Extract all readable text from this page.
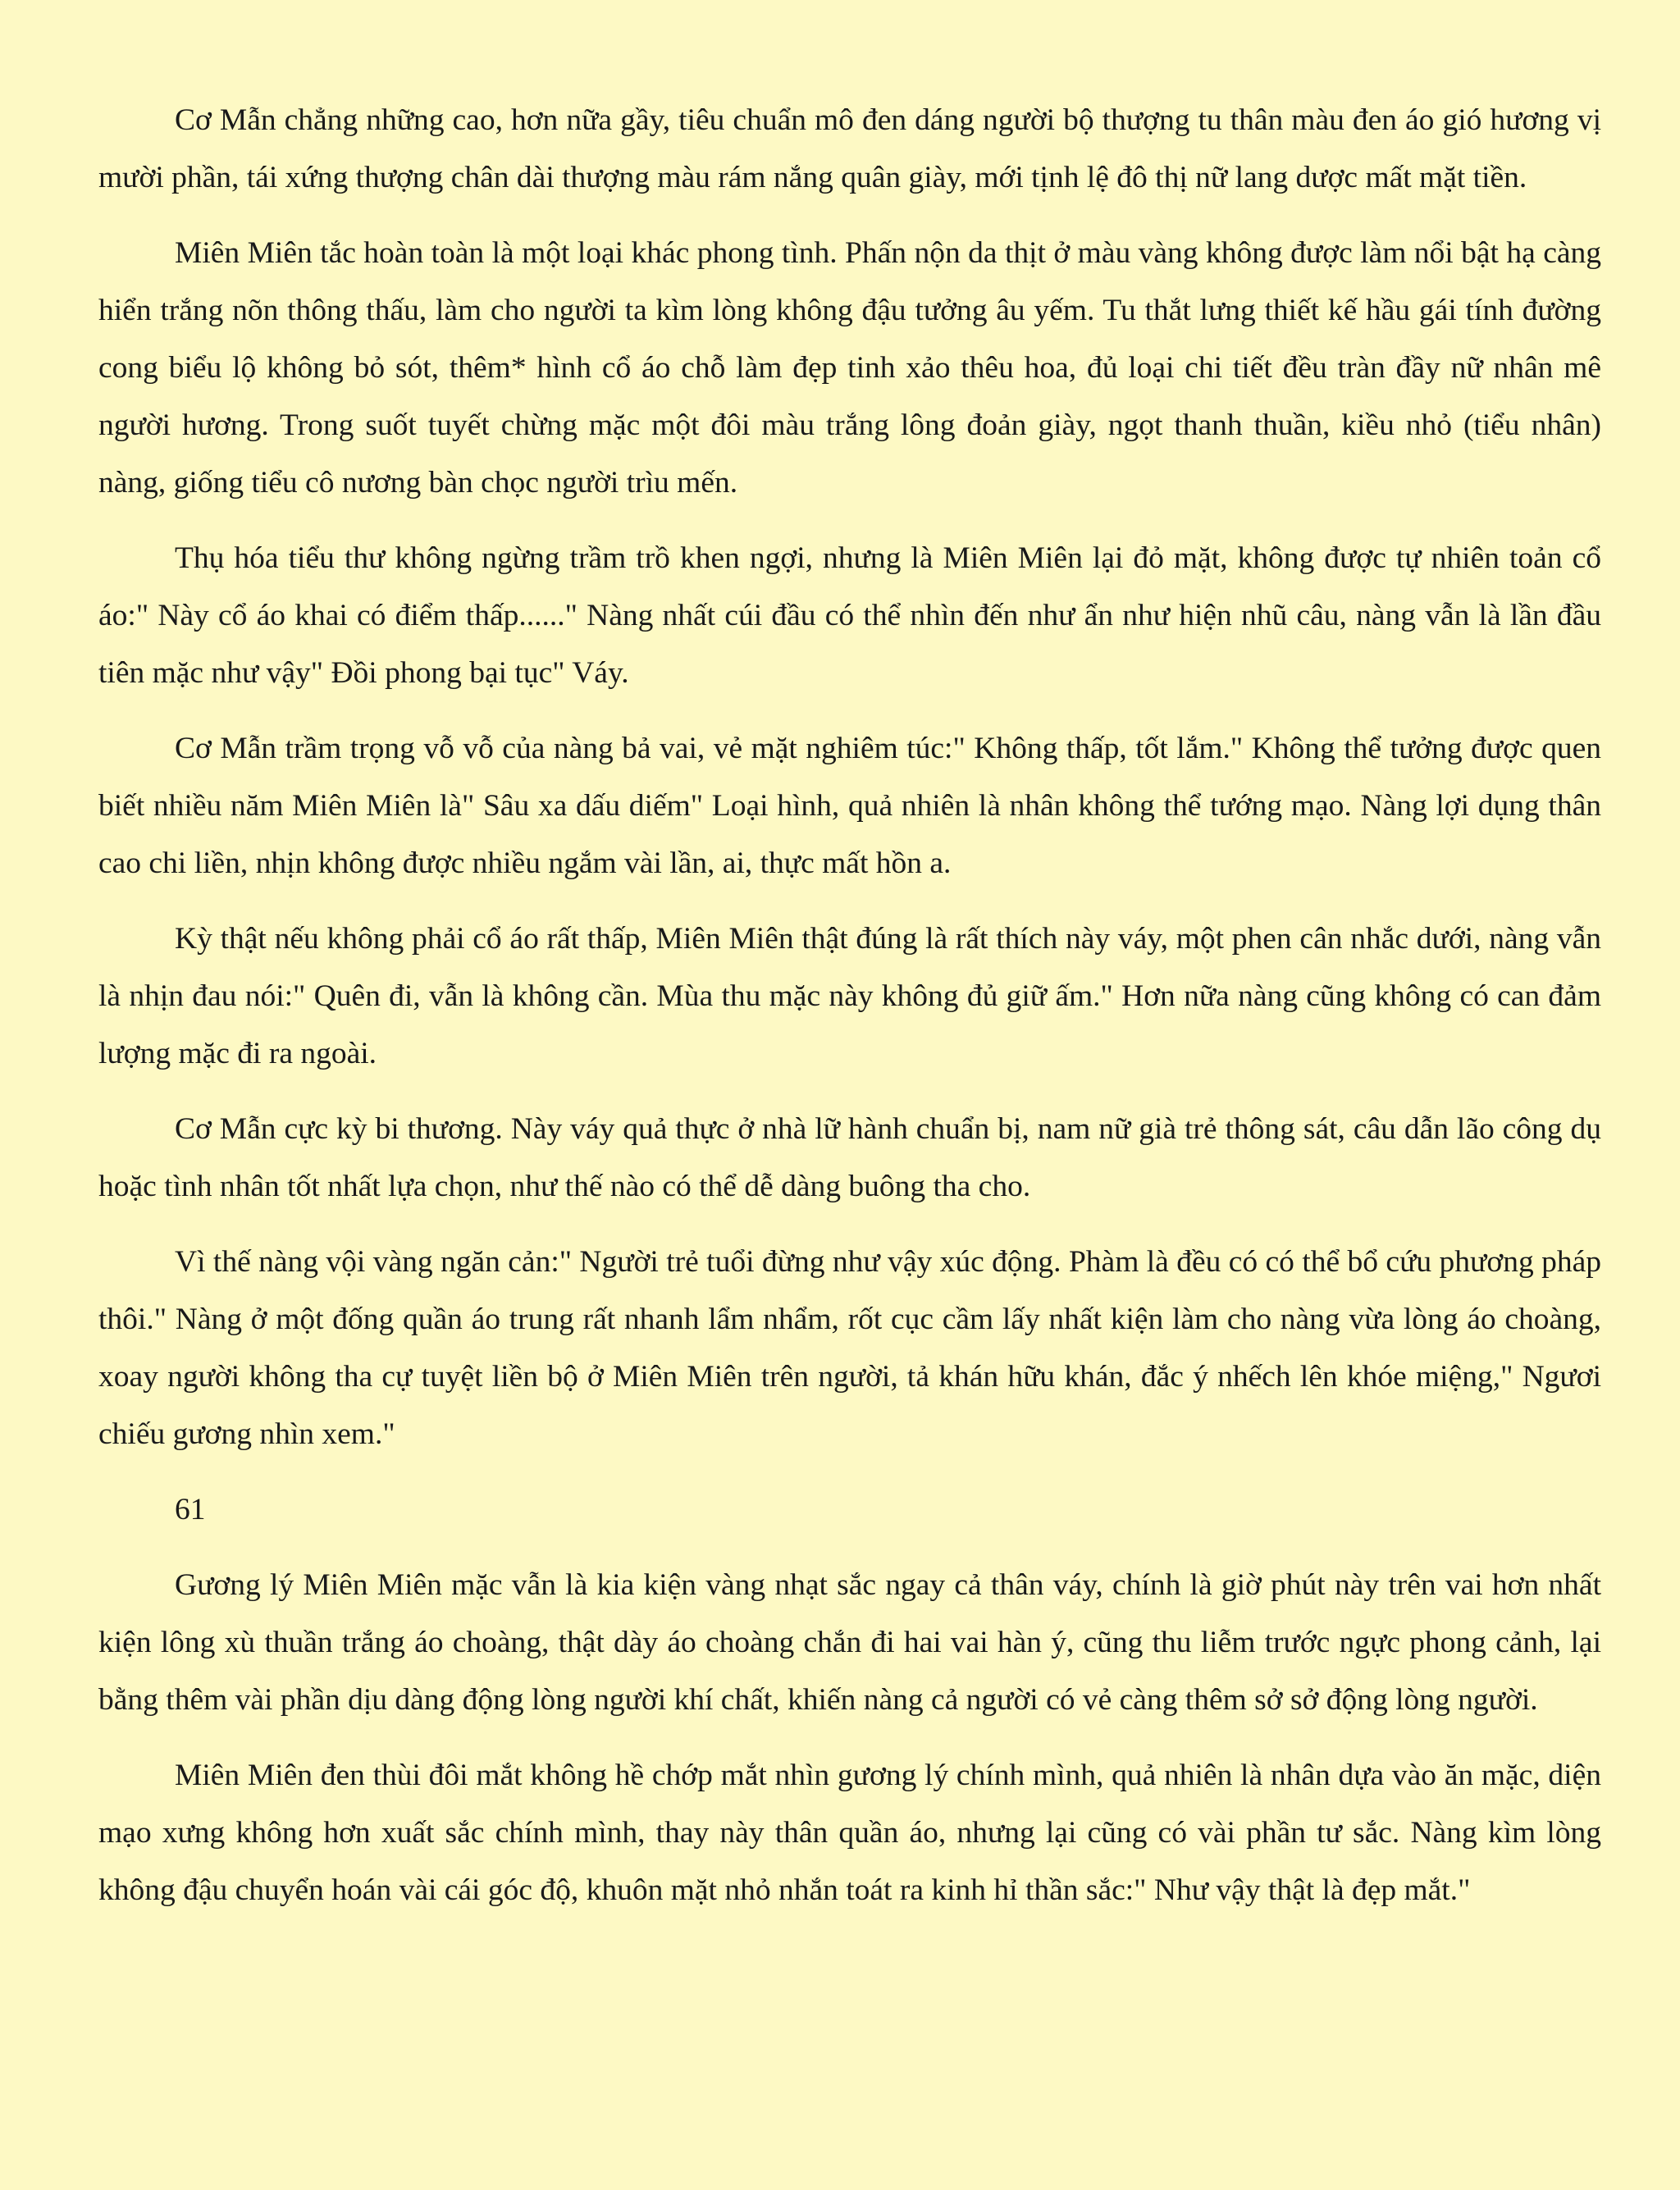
Cơ Mẫn chẳng những cao, hơn nữa gầy, tiêu chuẩn mô đen dáng người bộ thượng tu thân màu đen áo gió hương vị mười phần, tái xứng thượng chân dài thượng màu rám nắng quân giày, mới tịnh lệ đô thị nữ lang dược mất mặt tiền.

Miên Miên tắc hoàn toàn là một loại khác phong tình. Phấn nộn da thịt ở màu vàng không được làm nổi bật hạ càng hiển trắng nõn thông thấu, làm cho người ta kìm lòng không đậu tưởng âu yếm. Tu thắt lưng thiết kế hầu gái tính đường cong biểu lộ không bỏ sót, thêm* hình cổ áo chỗ làm đẹp tinh xảo thêu hoa, đủ loại chi tiết đều tràn đầy nữ nhân mê người hương. Trong suốt tuyết chừng mặc một đôi màu trắng lông đoản giày, ngọt thanh thuần, kiều nhỏ (tiểu nhân) nàng, giống tiểu cô nương bàn chọc người trìu mến.

Thụ hóa tiểu thư không ngừng trầm trồ khen ngợi, nhưng là Miên Miên lại đỏ mặt, không được tự nhiên toản cổ áo:" Này cổ áo khai có điểm thấp......" Nàng nhất cúi đầu có thể nhìn đến như ẩn như hiện nhũ câu, nàng vẫn là lần đầu tiên mặc như vậy" Đồi phong bại tục" Váy.

Cơ Mẫn trầm trọng vỗ vỗ của nàng bả vai, vẻ mặt nghiêm túc:" Không thấp, tốt lắm." Không thể tưởng được quen biết nhiều năm Miên Miên là" Sâu xa dấu diếm" Loại hình, quả nhiên là nhân không thể tướng mạo. Nàng lợi dụng thân cao chi liền, nhịn không được nhiều ngắm vài lần, ai, thực mất hồn a.

Kỳ thật nếu không phải cổ áo rất thấp, Miên Miên thật đúng là rất thích này váy, một phen cân nhắc dưới, nàng vẫn là nhịn đau nói:" Quên đi, vẫn là không cần. Mùa thu mặc này không đủ giữ ấm." Hơn nữa nàng cũng không có can đảm lượng mặc đi ra ngoài.

Cơ Mẫn cực kỳ bi thương. Này váy quả thực ở nhà lữ hành chuẩn bị, nam nữ già trẻ thông sát, câu dẫn lão công dụ hoặc tình nhân tốt nhất lựa chọn, như thế nào có thể dễ dàng buông tha cho.

Vì thế nàng vội vàng ngăn cản:" Người trẻ tuổi đừng như vậy xúc động. Phàm là đều có có thể bổ cứu phương pháp thôi." Nàng ở một đống quần áo trung rất nhanh lẩm nhẩm, rốt cục cầm lấy nhất kiện làm cho nàng vừa lòng áo choàng, xoay người không tha cự tuyệt liền bộ ở Miên Miên trên người, tả khán hữu khán, đắc ý nhếch lên khóe miệng," Ngươi chiếu gương nhìn xem."

61

Gương lý Miên Miên mặc vẫn là kia kiện vàng nhạt sắc ngay cả thân váy, chính là giờ phút này trên vai hơn nhất kiện lông xù thuần trắng áo choàng, thật dày áo choàng chắn đi hai vai hàn ý, cũng thu liễm trước ngực phong cảnh, lại bằng thêm vài phần dịu dàng động lòng người khí chất, khiến nàng cả người có vẻ càng thêm sở sở động lòng người.

Miên Miên đen thùi đôi mắt không hề chớp mắt nhìn gương lý chính mình, quả nhiên là nhân dựa vào ăn mặc, diện mạo xưng không hơn xuất sắc chính mình, thay này thân quần áo, nhưng lại cũng có vài phần tư sắc. Nàng kìm lòng không đậu chuyển hoán vài cái góc độ, khuôn mặt nhỏ nhắn toát ra kinh hỉ thần sắc:" Như vậy thật là đẹp mắt."
